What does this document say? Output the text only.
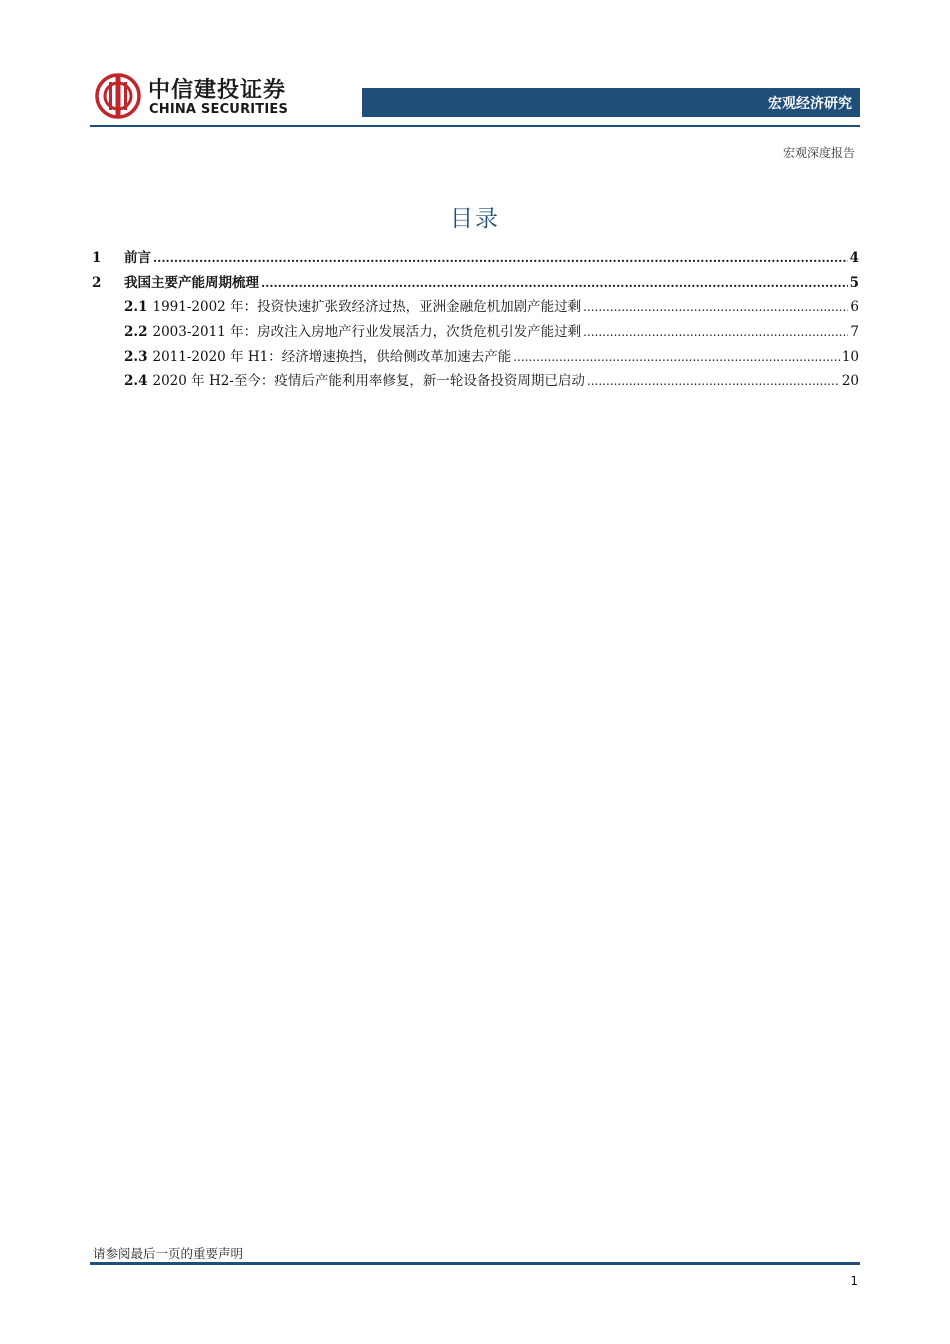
中信建投证券
CHINA SECURITIES	宏观经济研究
宏观深度报告
目录
1	前言 .....	4
2	我国主要产能周期梳理 .....	5
2.1 1991-2002 年：投资快速扩张致经济过热，亚洲金融危机加剧产能过剩 .....	6
2.2 2003-2011 年：房改注入房地产行业发展活力，次货危机引发产能过剩 .....	7
2.3 2011-2020 年 H1：经济增速换挡，供给侧改革加速去产能 .....	10
2.4 2020 年 H2-至今：疫情后产能利用率修复，新一轮设备投资周期已启动 .....	20
请参阅最后一页的重要声明
1
